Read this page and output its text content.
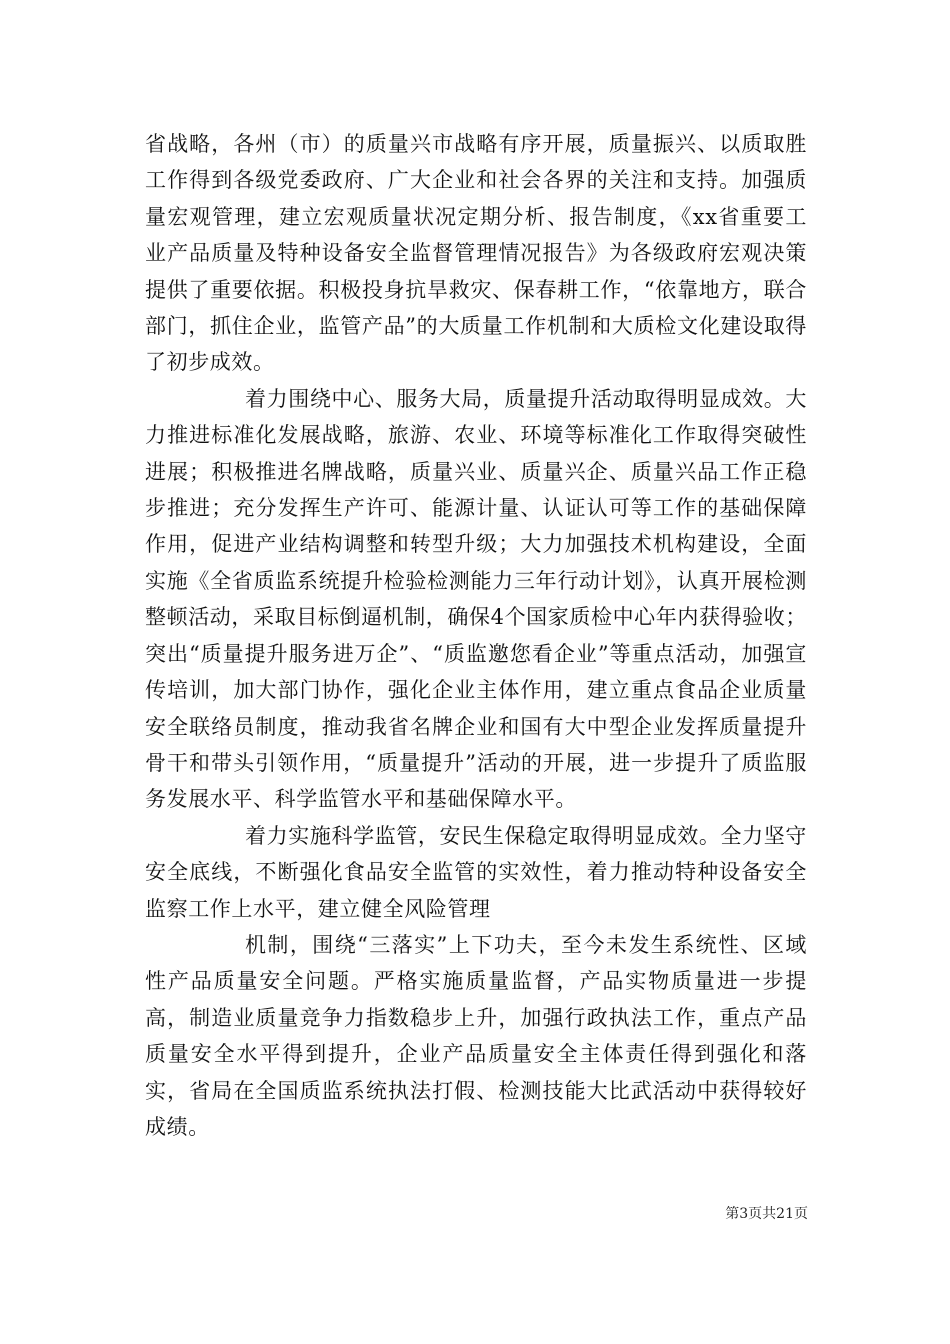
省战略，各州（市）的质量兴市战略有序开展，质量振兴、以质取胜工作得到各级党委政府、广大企业和社会各界的关注和支持。加强质量宏观管理，建立宏观质量状况定期分析、报告制度，《xx省重要工业产品质量及特种设备安全监督管理情况报告》为各级政府宏观决策提供了重要依据。积极投身抗旱救灾、保春耕工作，“依靠地方，联合部门，抓住企业，监管产品”的大质量工作机制和大质检文化建设取得了初步成效。

着力围绕中心、服务大局，质量提升活动取得明显成效。大力推进标准化发展战略，旅游、农业、环境等标准化工作取得突破性进展；积极推进名牌战略，质量兴业、质量兴企、质量兴品工作正稳步推进；充分发挥生产许可、能源计量、认证认可等工作的基础保障作用，促进产业结构调整和转型升级；大力加强技术机构建设，全面实施《全省质监系统提升检验检测能力三年行动计划》，认真开展检测整顿活动，采取目标倒逼机制，确保4个国家质检中心年内获得验收；突出“质量提升服务进万企”、“质监邀您看企业”等重点活动，加强宣传培训，加大部门协作，强化企业主体作用，建立重点食品企业质量安全联络员制度，推动我省名牌企业和国有大中型企业发挥质量提升骨干和带头引领作用，“质量提升”活动的开展，进一步提升了质监服务发展水平、科学监管水平和基础保障水平。

着力实施科学监管，安民生保稳定取得明显成效。全力坚守安全底线，不断强化食品安全监管的实效性，着力推动特种设备安全监察工作上水平，建立健全风险管理

机制，围绕“三落实”上下功夫，至今未发生系统性、区域性产品质量安全问题。严格实施质量监督，产品实物质量进一步提高，制造业质量竞争力指数稳步上升，加强行政执法工作，重点产品质量安全水平得到提升，企业产品质量安全主体责任得到强化和落实，省局在全国质监系统执法打假、检测技能大比武活动中获得较好成绩。

第3页共21页
